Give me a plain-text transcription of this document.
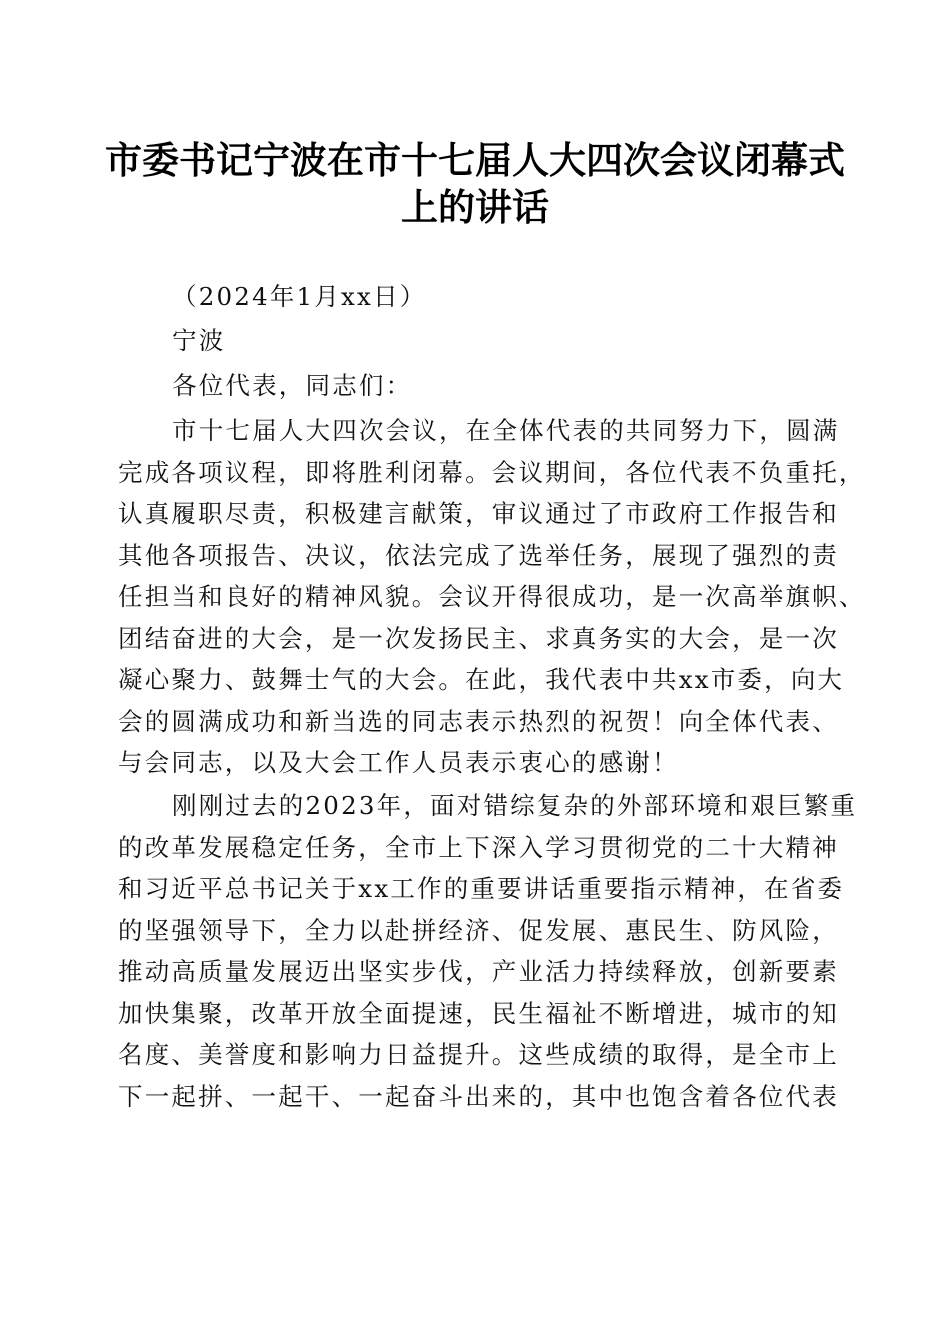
市委书记宁波在市十七届人大四次会议闭幕式
上的讲话
（2024年1月xx日）
宁波
各位代表，同志们：
市十七届人大四次会议，在全体代表的共同努力下，圆满
完成各项议程，即将胜利闭幕。会议期间，各位代表不负重托，
认真履职尽责，积极建言献策，审议通过了市政府工作报告和
其他各项报告、决议，依法完成了选举任务，展现了强烈的责
任担当和良好的精神风貌。会议开得很成功，是一次高举旗帜、
团结奋进的大会，是一次发扬民主、求真务实的大会，是一次
凝心聚力、鼓舞士气的大会。在此，我代表中共xx市委，向大
会的圆满成功和新当选的同志表示热烈的祝贺！向全体代表、
与会同志，以及大会工作人员表示衷心的感谢！
刚刚过去的2023年，面对错综复杂的外部环境和艰巨繁重
的改革发展稳定任务，全市上下深入学习贯彻党的二十大精神
和习近平总书记关于xx工作的重要讲话重要指示精神，在省委
的坚强领导下，全力以赴拼经济、促发展、惠民生、防风险，
推动高质量发展迈出坚实步伐，产业活力持续释放，创新要素
加快集聚，改革开放全面提速，民生福祉不断增进，城市的知
名度、美誉度和影响力日益提升。这些成绩的取得，是全市上
下一起拼、一起干、一起奋斗出来的，其中也饱含着各位代表
